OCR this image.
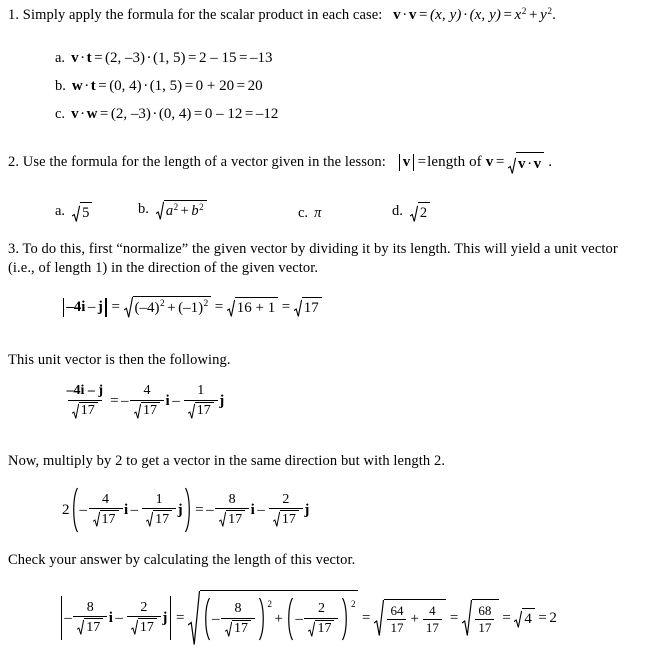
1. Simply apply the formula for the scalar product in each case: v · v = (x, y) · (x, y) = x 2 + y 2 .
a. v · t = (2, –3) · (1, 5) = 2 – 15 = –13
b. w · t = (0, 4) · (1, 5) = 0 + 20 = 20
c. v · w = (2, –3) · (0, 4) = 0 – 12 = –12
2. Use the formula for the length of a vector given in the lesson: v = length of v = v · v .
a. 5	b. a 2 + b 2	c. π	d. 2
3. To do this, first “normalize” the given vector by dividing it by its length. This will yield a unit vector (i.e., of length 1) in the direction of the given vector.
–4i – j = (–4) 2 + (–1) 2 = 16 + 1 = 17
This unit vector is then the following.
$\frac{-4i - j}{17}$ = – $\frac{4}{17}$ i – $\frac{1}{17}$ j
Now, multiply by 2 to get a vector in the same direction but with length 2.
$2 - \frac{4}{17}$ i – $\frac{1}{17}$ j = – $\frac{8}{17}$ i – $\frac{2}{17}$ j
Check your answer by calculating the length of this vector.
– $\frac{8}{17}$ i – $\frac{2}{17}$ j = – $\frac{8}{17} 2$
+ – $\frac{2}{17} 2$
= $\frac{64}{17} + \frac{4}{17} = \frac{68}{17} = 4 = 2$
